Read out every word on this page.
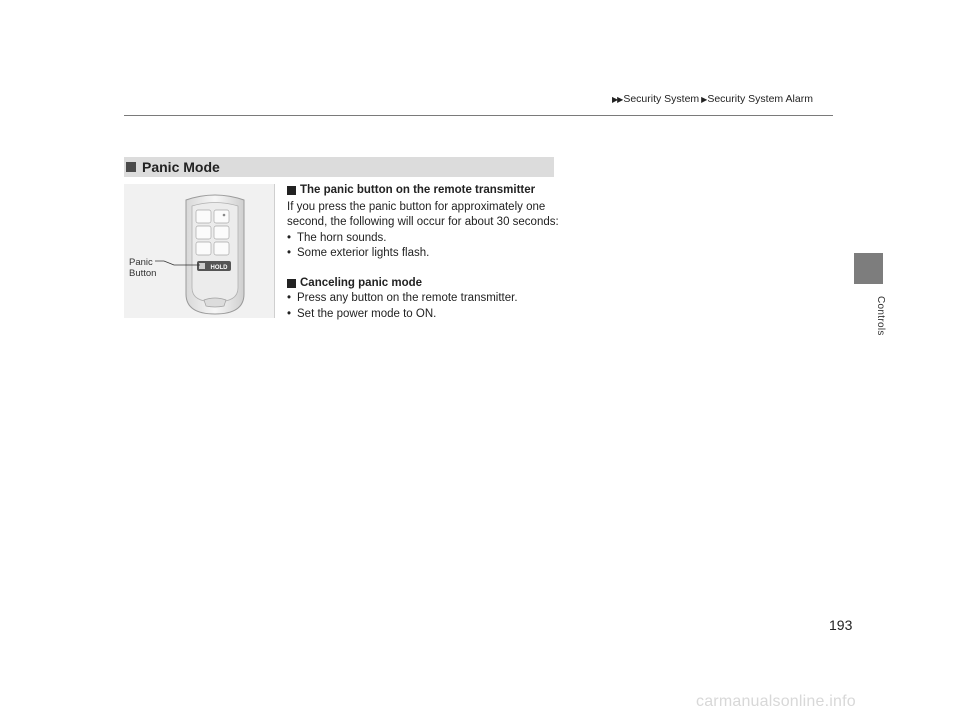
▶▶ Security System ▶ Security System Alarm
Controls
Panic Mode
Panic
Button	HOLD
The panic button on the remote transmitter

If you press the panic button for approximately one second, the following will occur for about 30 seconds:

• The horn sounds.
• Some exterior lights flash.
Canceling panic mode
• Press any button on the remote transmitter.
• Set the power mode to ON.
193
carmanualsonline.info
